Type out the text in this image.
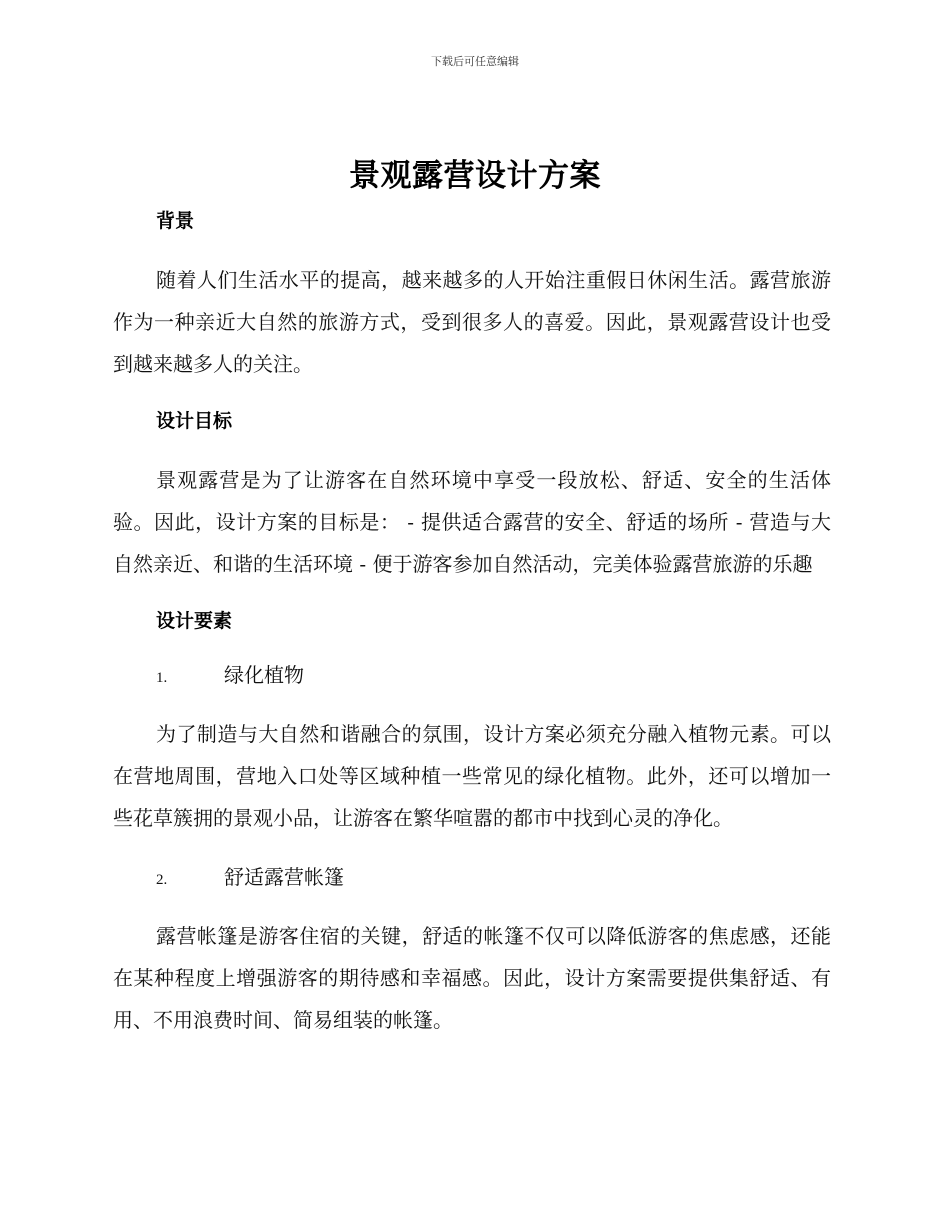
下载后可任意编辑
景观露营设计方案
背景

随着人们生活水平的提高，越来越多的人开始注重假日休闲生活。露营旅游作为一种亲近大自然的旅游方式，受到很多人的喜爱。因此，景观露营设计也受到越来越多人的关注。

设计目标

景观露营是为了让游客在自然环境中享受一段放松、舒适、安全的生活体验。因此，设计方案的目标是： - 提供适合露营的安全、舒适的场所 - 营造与大自然亲近、和谐的生活环境 - 便于游客参加自然活动，完美体验露营旅游的乐趣

设计要素
1.	绿化植物

为了制造与大自然和谐融合的氛围，设计方案必须充分融入植物元素。可以在营地周围，营地入口处等区域种植一些常见的绿化植物。此外，还可以增加一些花草簇拥的景观小品，让游客在繁华喧嚣的都市中找到心灵的净化。

2.	舒适露营帐篷

露营帐篷是游客住宿的关键，舒适的帐篷不仅可以降低游客的焦虑感，还能在某种程度上增强游客的期待感和幸福感。因此，设计方案需要提供集舒适、有用、不用浪费时间、简易组装的帐篷。
